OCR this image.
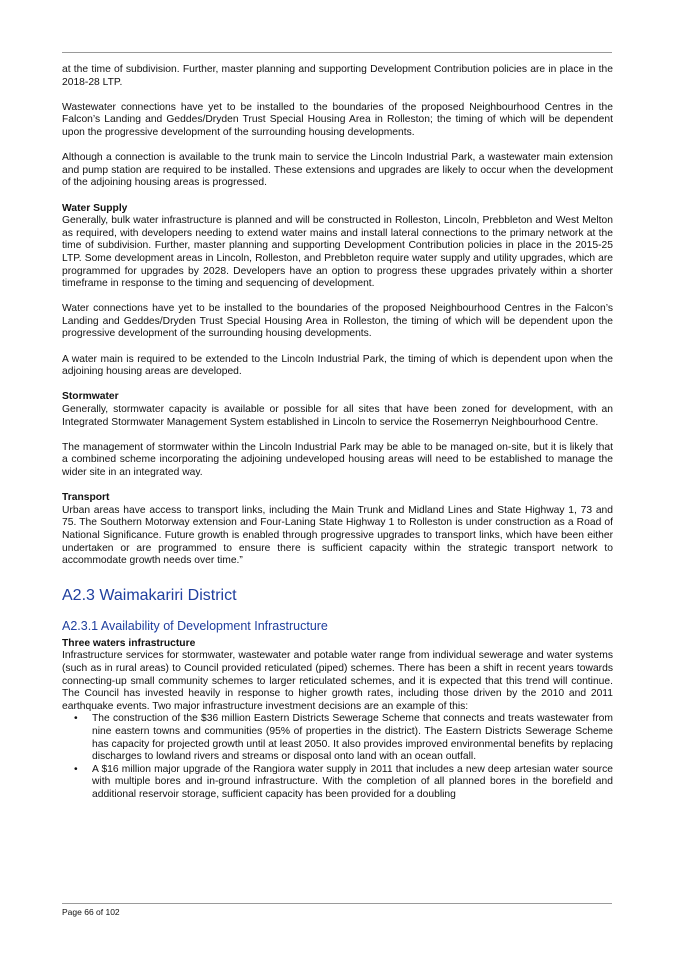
at the time of subdivision. Further, master planning and supporting Development Contribution policies are in place in the 2018-28 LTP.

Wastewater connections have yet to be installed to the boundaries of the proposed Neighbourhood Centres in the Falcon’s Landing and Geddes/Dryden Trust Special Housing Area in Rolleston; the timing of which will be dependent upon the progressive development of the surrounding housing developments.

Although a connection is available to the trunk main to service the Lincoln Industrial Park, a wastewater main extension and pump station are required to be installed. These extensions and upgrades are likely to occur when the development of the adjoining housing areas is progressed.

Water Supply

Generally, bulk water infrastructure is planned and will be constructed in Rolleston, Lincoln, Prebbleton and West Melton as required, with developers needing to extend water mains and install lateral connections to the primary network at the time of subdivision. Further, master planning and supporting Development Contribution policies in place in the 2015-25 LTP. Some development areas in Lincoln, Rolleston, and Prebbleton require water supply and utility upgrades, which are programmed for upgrades by 2028. Developers have an option to progress these upgrades privately within a shorter timeframe in response to the timing and sequencing of development.

Water connections have yet to be installed to the boundaries of the proposed Neighbourhood Centres in the Falcon’s Landing and Geddes/Dryden Trust Special Housing Area in Rolleston, the timing of which will be dependent upon the progressive development of the surrounding housing developments.

A water main is required to be extended to the Lincoln Industrial Park, the timing of which is dependent upon when the adjoining housing areas are developed.

Stormwater

Generally, stormwater capacity is available or possible for all sites that have been zoned for development, with an Integrated Stormwater Management System established in Lincoln to service the Rosemerryn Neighbourhood Centre.

The management of stormwater within the Lincoln Industrial Park may be able to be managed on-site, but it is likely that a combined scheme incorporating the adjoining undeveloped housing areas will need to be established to manage the wider site in an integrated way.

Transport

Urban areas have access to transport links, including the Main Trunk and Midland Lines and State Highway 1, 73 and 75. The Southern Motorway extension and Four-Laning State Highway 1 to Rolleston is under construction as a Road of National Significance. Future growth is enabled through progressive upgrades to transport links, which have been either undertaken or are programmed to ensure there is sufficient capacity within the strategic transport network to accommodate growth needs over time.”

A2.3 Waimakariri District
A2.3.1 Availability of Development Infrastructure
Three waters infrastructure

Infrastructure services for stormwater, wastewater and potable water range from individual sewerage and water systems (such as in rural areas) to Council provided reticulated (piped) schemes. There has been a shift in recent years towards connecting-up small community schemes to larger reticulated schemes, and it is expected that this trend will continue. The Council has invested heavily in response to higher growth rates, including those driven by the 2010 and 2011 earthquake events. Two major infrastructure investment decisions are an example of this:

• The construction of the $36 million Eastern Districts Sewerage Scheme that connects and treats wastewater from nine eastern towns and communities (95% of properties in the district). The Eastern Districts Sewerage Scheme has capacity for projected growth until at least 2050. It also provides improved environmental benefits by replacing discharges to lowland rivers and streams or disposal onto land with an ocean outfall.
• A $16 million major upgrade of the Rangiora water supply in 2011 that includes a new deep artesian water source with multiple bores and in-ground infrastructure. With the completion of all planned bores in the borefield and additional reservoir storage, sufficient capacity has been provided for a doubling
Page 66 of 102
